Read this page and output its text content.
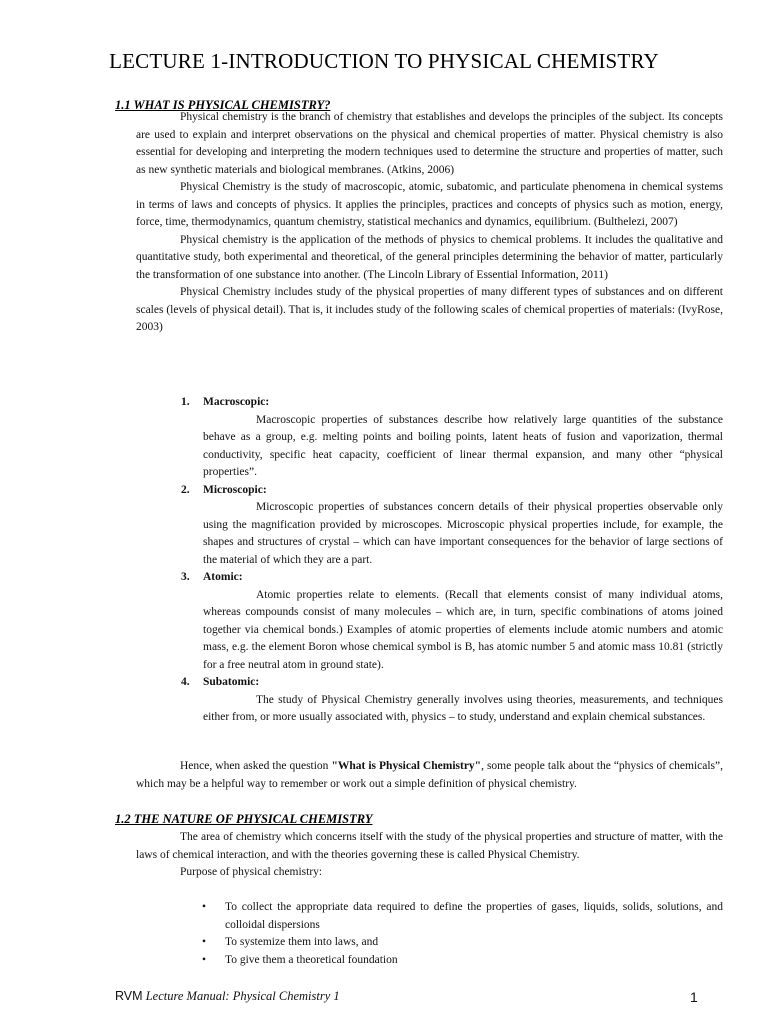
LECTURE 1-INTRODUCTION TO PHYSICAL CHEMISTRY
1.1 WHAT IS PHYSICAL CHEMISTRY?

Physical chemistry is the branch of chemistry that establishes and develops the principles of the subject. Its concepts are used to explain and interpret observations on the physical and chemical properties of matter. Physical chemistry is also essential for developing and interpreting the modern techniques used to determine the structure and properties of matter, such as new synthetic materials and biological membranes. (Atkins, 2006)

Physical Chemistry is the study of macroscopic, atomic, subatomic, and particulate phenomena in chemical systems in terms of laws and concepts of physics. It applies the principles, practices and concepts of physics such as motion, energy, force, time, thermodynamics, quantum chemistry, statistical mechanics and dynamics, equilibrium. (Bulthelezi, 2007)

Physical chemistry is the application of the methods of physics to chemical problems. It includes the qualitative and quantitative study, both experimental and theoretical, of the general principles determining the behavior of matter, particularly the transformation of one substance into another. (The Lincoln Library of Essential Information, 2011)

Physical Chemistry includes study of the physical properties of many different types of substances and on different scales (levels of physical detail). That is, it includes study of the following scales of chemical properties of materials: (IvyRose, 2003)

1. Macroscopic:
Macroscopic properties of substances describe how relatively large quantities of the substance behave as a group, e.g. melting points and boiling points, latent heats of fusion and vaporization, thermal conductivity, specific heat capacity, coefficient of linear thermal expansion, and many other “physical properties”.
2. Microscopic:
Microscopic properties of substances concern details of their physical properties observable only using the magnification provided by microscopes. Microscopic physical properties include, for example, the shapes and structures of crystal – which can have important consequences for the behavior of large sections of the material of which they are a part.
3. Atomic:
Atomic properties relate to elements. (Recall that elements consist of many individual atoms, whereas compounds consist of many molecules – which are, in turn, specific combinations of atoms joined together via chemical bonds.) Examples of atomic properties of elements include atomic numbers and atomic mass, e.g. the element Boron whose chemical symbol is B, has atomic number 5 and atomic mass 10.81 (strictly for a free neutral atom in ground state).
4. Subatomic:
The study of Physical Chemistry generally involves using theories, measurements, and techniques either from, or more usually associated with, physics – to study, understand and explain chemical substances.

Hence, when asked the question "What is Physical Chemistry", some people talk about the “physics of chemicals”, which may be a helpful way to remember or work out a simple definition of physical chemistry.

1.2 THE NATURE OF PHYSICAL CHEMISTRY

The area of chemistry which concerns itself with the study of the physical properties and structure of matter, with the laws of chemical interaction, and with the theories governing these is called Physical Chemistry.

Purpose of physical chemistry:

• To collect the appropriate data required to define the properties of gases, liquids, solids, solutions, and colloidal dispersions
• To systemize them into laws, and
• To give them a theoretical foundation
RVM Lecture Manual: Physical Chemistry 1	1
